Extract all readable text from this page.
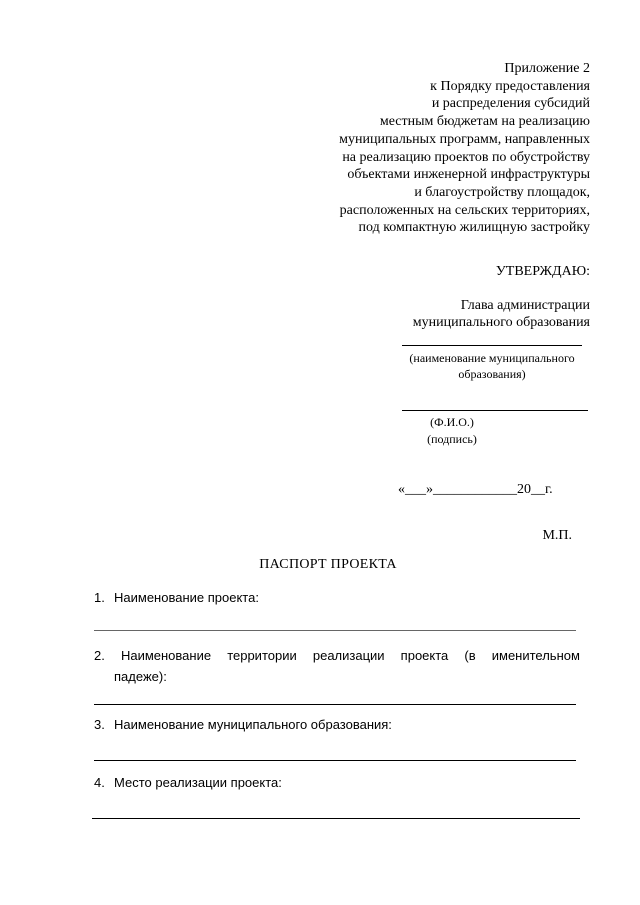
Приложение 2
к Порядку предоставления
и распределения субсидий
местным бюджетам на реализацию
муниципальных программ, направленных
на реализацию проектов по обустройству
объектами инженерной инфраструктуры
и благоустройству площадок,
расположенных на сельских территориях,
под компактную жилищную застройку
УТВЕРЖДАЮ:
Глава администрации
муниципального образования
(наименование муниципального
образования)
(Ф.И.О.)
(подпись)
«___»____________20__г.
М.П.
ПАСПОРТ ПРОЕКТА
1. Наименование проекта:
2. Наименование территории реализации проекта (в именительном
падеже):
3. Наименование муниципального образования:
4. Место реализации проекта:
